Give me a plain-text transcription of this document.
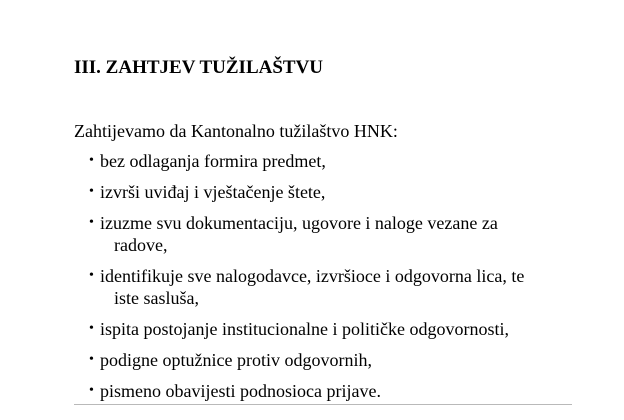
III. ZAHTJEV TUŽILAŠTVU

Zahtijevamo da Kantonalno tužilaštvo HNK:

• bez odlaganja formira predmet,
• izvrši uviđaj i vještačenje štete,
• izuzme svu dokumentaciju, ugovore i naloge vezane za
radove,
• identifikuje sve nalogodavce, izvršioce i odgovorna lica, te
iste sasluša,
• ispita postojanje institucionalne i političke odgovornosti,
• podigne optužnice protiv odgovornih,
• pismeno obavijesti podnosioca prijave.
